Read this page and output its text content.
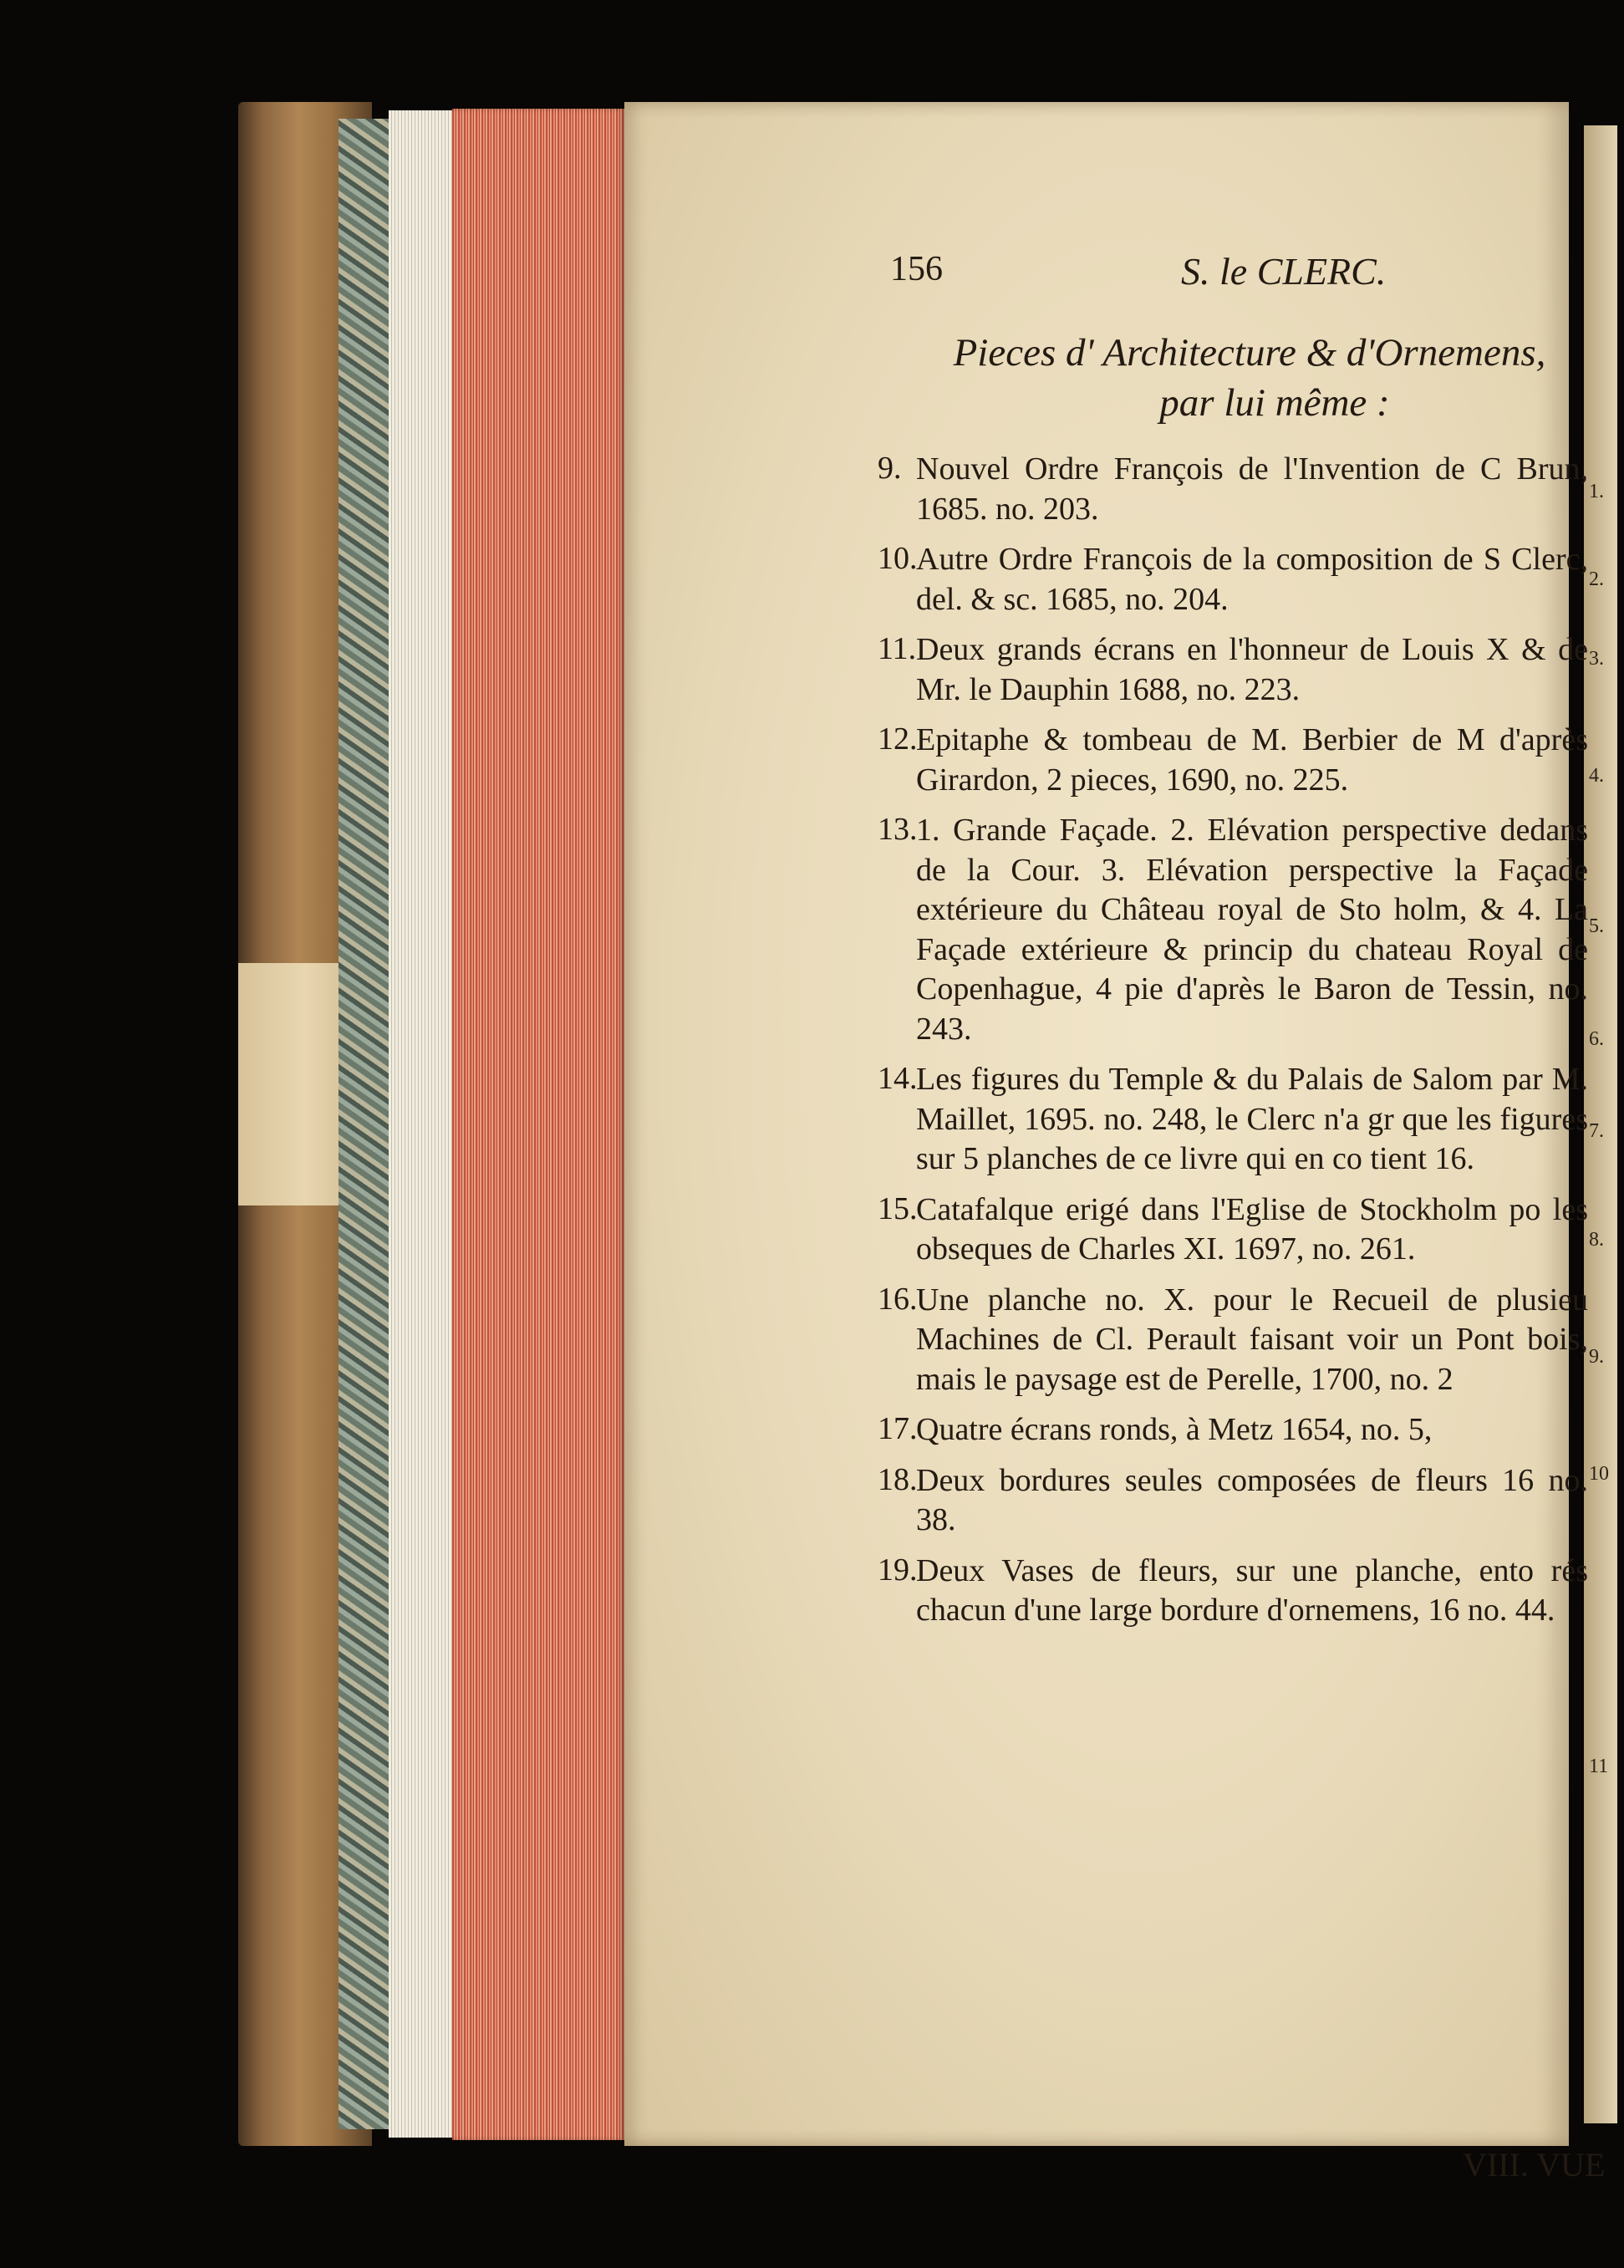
1.
2.
3.
4.
5.
6.
7.
8.
9.
10
11
156	S. le CLERC.
Pieces d' Architecture & d'Ornemens,
par lui même :
9. Nouvel Ordre François de l'Invention de C Brun, 1685. no. 203.
10.
Autre Ordre François de la composition de S Clerc, del. & sc. 1685, no. 204.
11. Deux grands écrans en l'honneur de Louis X & de Mr. le Dauphin 1688, no. 223.
12.
Epitaphe & tombeau de M. Berbier de M d'après Girardon, 2 pieces, 1690, no. 225.
13.
1. Grande Façade. 2. Elévation perspective dedans de la Cour. 3. Elévation perspective la Façade extérieure du Château royal de Sto holm, & 4. La Façade extérieure & princip du chateau Royal de Copenhague, 4 pie d'après le Baron de Tessin, no. 243.
14.
Les figures du Temple & du Palais de Salom par M. Maillet, 1695. no. 248, le Clerc n'a gr que les figures sur 5 planches de ce livre qui en co tient 16.
15.
Catafalque erigé dans l'Eglise de Stockholm po les obseques de Charles XI. 1697, no. 261.
16.
Une planche no. X. pour le Recueil de plusieu Machines de Cl. Perault faisant voir un Pont bois, mais le paysage est de Perelle, 1700, no. 2
17.
Quatre écrans ronds, à Metz 1654, no. 5,
18.
Deux bordures seules composées de fleurs 16 no. 38.
19.
Deux Vases de fleurs, sur une planche, ento rés chacun d'une large bordure d'ornemens, 16 no. 44.
VIII. VUE
